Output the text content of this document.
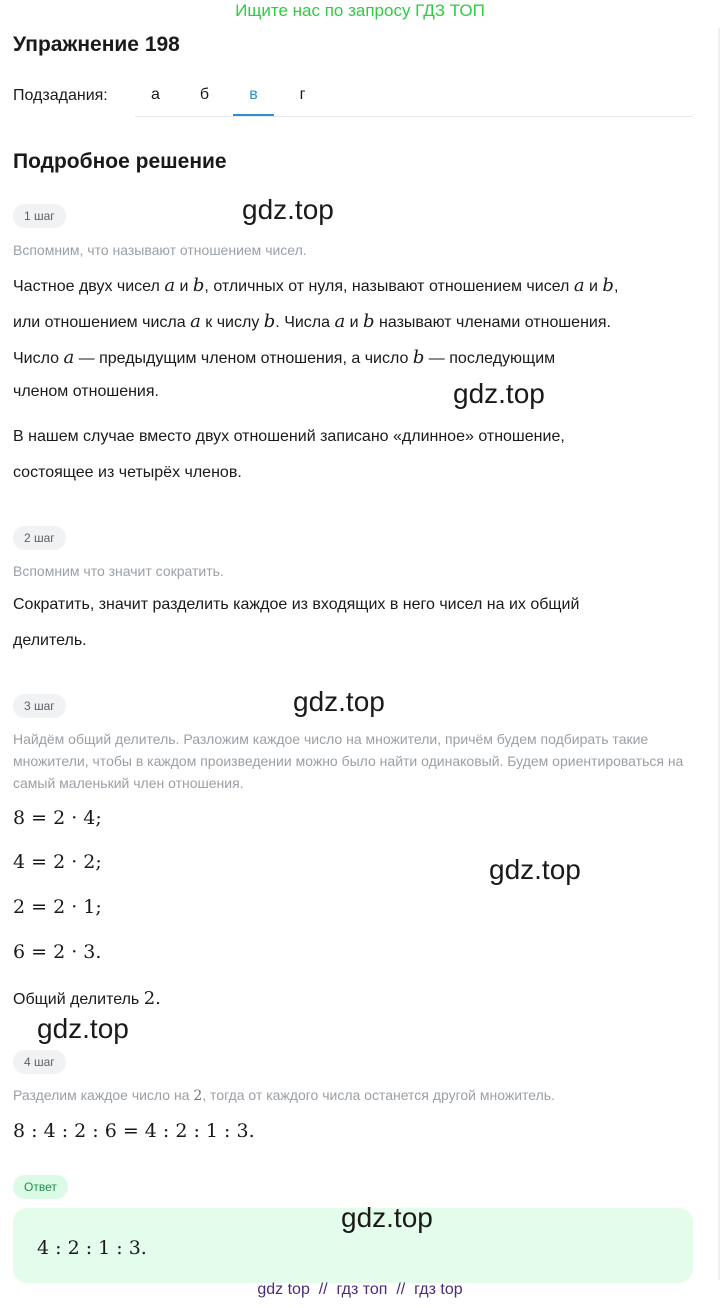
Ищите нас по запросу ГДЗ ТОП
Упражнение 198
Подзадания:	а	б	в	г
Подробное решение
1 шаг	gdz.top
Вспомним, что называют отношением чисел.
Частное двух чисел a и b, отличных от нуля, называют отношением чисел a и b,
или отношением числа a к числу b. Числа a и b называют членами отношения.
Число a — предыдущим членом отношения, а число b — последующим
членом отношения.	gdz.top
В нашем случае вместо двух отношений записано «длинное» отношение,
состоящее из четырёх членов.
2 шаг
Вспомним что значит сократить.
Сократить, значит разделить каждое из входящих в него чисел на их общий
делитель.
3 шаг	gdz.top
Найдём общий делитель. Разложим каждое число на множители, причём будем подбирать такие множители, чтобы в каждом произведении можно было найти одинаковый. Будем ориентироваться на самый маленький член отношения.
8 = 2 · 4;
4 = 2 · 2;	gdz.top
2 = 2 · 1;
6 = 2 · 3.
Общий делитель 2.
gdz.top
4 шаг
Разделим каждое число на 2, тогда от каждого числа останется другой множитель.
8 : 4 : 2 : 6 = 4 : 2 : 1 : 3.
Ответ
gdz.top
4 : 2 : 1 : 3.
gdz top // гдз топ // гдз top
